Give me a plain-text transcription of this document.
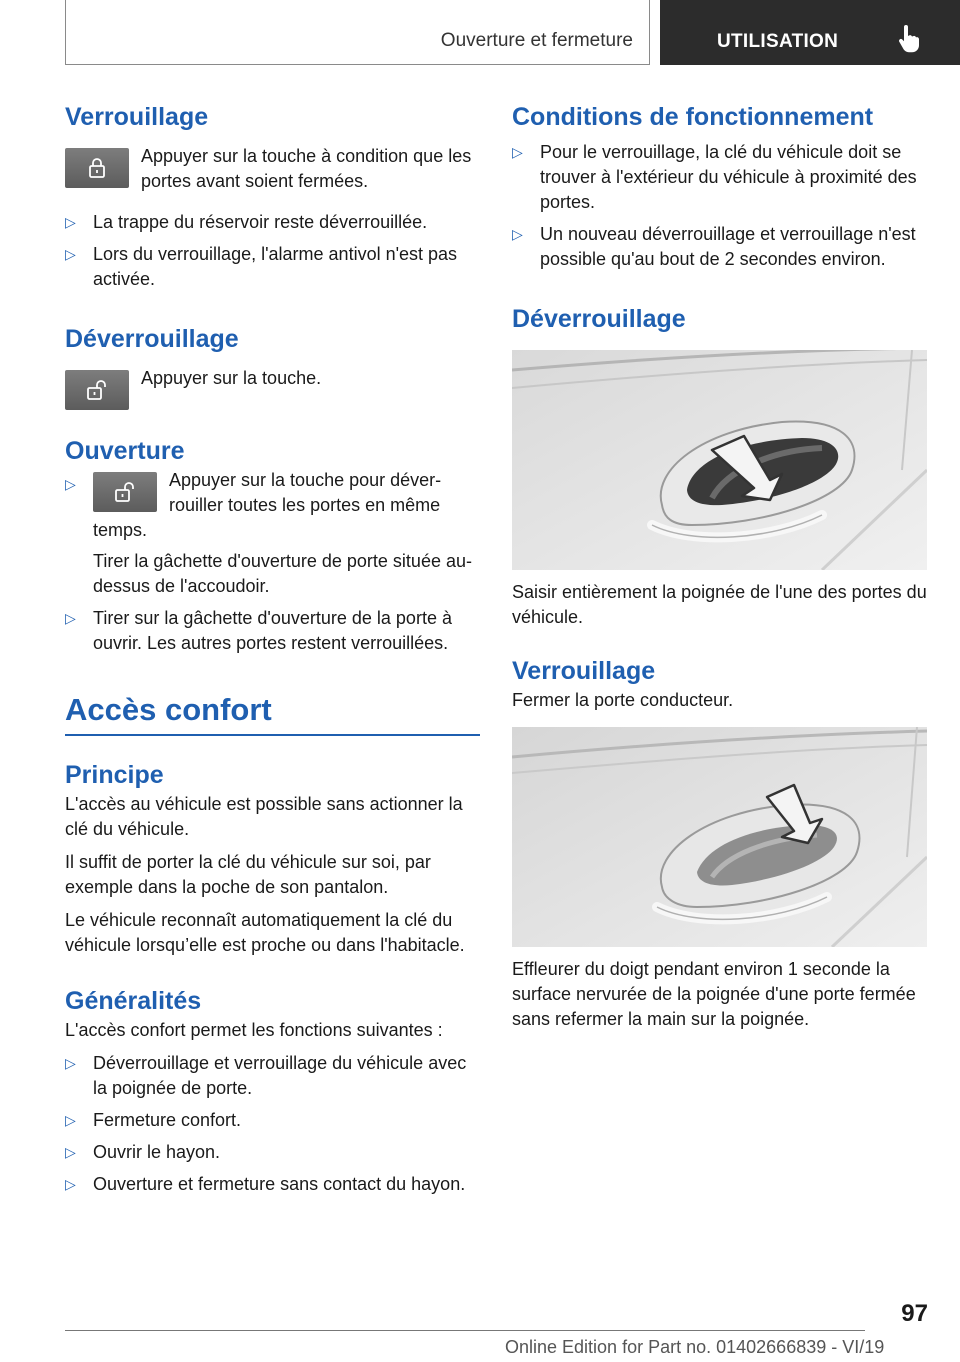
Ouverture et fermeture	UTILISATION
Verrouillage
Appuyer sur la touche à condition que les portes avant soient fermées.
▷ La trappe du réservoir reste déverrouillée.
▷ Lors du verrouillage, l'alarme antivol n'est pas activée.
Déverrouillage
Appuyer sur la touche.
Ouverture
▷	Appuyer sur la touche pour déverrouiller toutes les portes en même
temps.
Tirer la gâchette d'ouverture de porte située au-dessus de l'accoudoir.
▷ Tirer sur la gâchette d'ouverture de la porte à ouvrir. Les autres portes restent verrouillées.
Accès confort
Principe
L'accès au véhicule est possible sans actionner la clé du véhicule.
Il suffit de porter la clé du véhicule sur soi, par exemple dans la poche de son pantalon.
Le véhicule reconnaît automatiquement la clé du véhicule lorsqu’elle est proche ou dans l'habitacle.
Généralités
L'accès confort permet les fonctions suivantes :
▷ Déverrouillage et verrouillage du véhicule avec la poignée de porte.
▷ Fermeture confort.
▷ Ouvrir le hayon.
▷ Ouverture et fermeture sans contact du hayon.
Conditions de fonctionnement
▷ Pour le verrouillage, la clé du véhicule doit se trouver à l'extérieur du véhicule à proximité des portes.
▷ Un nouveau déverrouillage et verrouillage n'est possible qu'au bout de 2 secondes environ.
Déverrouillage
Saisir entièrement la poignée de l'une des portes du véhicule.
Verrouillage
Fermer la porte conducteur.
Effleurer du doigt pendant environ 1 seconde la surface nervurée de la poignée d'une porte fermée sans refermer la main sur la poignée.
97
Online Edition for Part no. 01402666839 - VI/19
